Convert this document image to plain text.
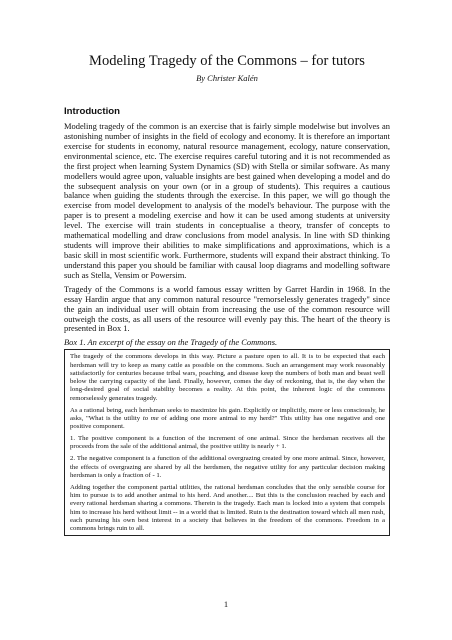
Modeling Tragedy of the Commons – for tutors

By Christer Kalén

Introduction

Modeling tragedy of the common is an exercise that is fairly simple modelwise but involves an astonishing number of insights in the field of ecology and economy. It is therefore an important exercise for students in economy, natural resource management, ecology, nature conservation, environmental science, etc. The exercise requires careful tutoring and it is not recommended as the first project when learning System Dynamics (SD) with Stella or similar software. As many modellers would agree upon, valuable insights are best gained when developing a model and do the subsequent analysis on your own (or in a group of students). This requires a cautious balance when guiding the students through the exercise. In this paper, we will go though the exercise from model development to analysis of the model's behaviour. The purpose with the paper is to present a modeling exercise and how it can be used among students at university level. The exercise will train students in conceptualise a theory, transfer of concepts to mathematical modelling and draw conclusions from model analysis. In line with SD thinking students will improve their abilities to make simplifications and approximations, which is a basic skill in most scientific work. Furthermore, students will expand their abstract thinking. To understand this paper you should be familiar with causal loop diagrams and modelling software such as Stella, Vensim or Powersim.

Tragedy of the Commons is a world famous essay written by Garret Hardin in 1968. In the essay Hardin argue that any common natural resource "remorselessly generates tragedy" since the gain an individual user will obtain from increasing the use of the common resource will outweigh the costs, as all users of the resource will evenly pay this. The heart of the theory is presented in Box 1.

Box 1. An excerpt of the essay on the Tragedy of the Commons.

The tragedy of the commons develops in this way. Picture a pasture open to all. It is to be expected that each herdsman will try to keep as many cattle as possible on the commons. Such an arrangement may work reasonably satisfactorily for centuries because tribal wars, poaching, and disease keep the numbers of both man and beast well below the carrying capacity of the land. Finally, however, comes the day of reckoning, that is, the day when the long-desired goal of social stability becomes a reality. At this point, the inherent logic of the commons remorselessly generates tragedy.

As a rational being, each herdsman seeks to maximize his gain. Explicitly or implicitly, more or less consciously, he asks, "What is the utility to me of adding one more animal to my herd?" This utility has one negative and one positive component.

1. The positive component is a function of the increment of one animal. Since the herdsman receives all the proceeds from the sale of the additional animal, the positive utility is nearly + 1.

2. The negative component is a function of the additional overgrazing created by one more animal. Since, however, the effects of overgrazing are shared by all the herdsmen, the negative utility for any particular decision making herdsman is only a fraction of - 1.

Adding together the component partial utilities, the rational herdsman concludes that the only sensible course for him to pursue is to add another animal to his herd. And another.... But this is the conclusion reached by each and every rational herdsman sharing a commons. Therein is the tragedy. Each man is locked into a system that compels him to increase his herd without limit -- in a world that is limited. Ruin is the destination toward which all men rush, each pursuing his own best interest in a society that believes in the freedom of the commons. Freedom in a commons brings ruin to all.

1
